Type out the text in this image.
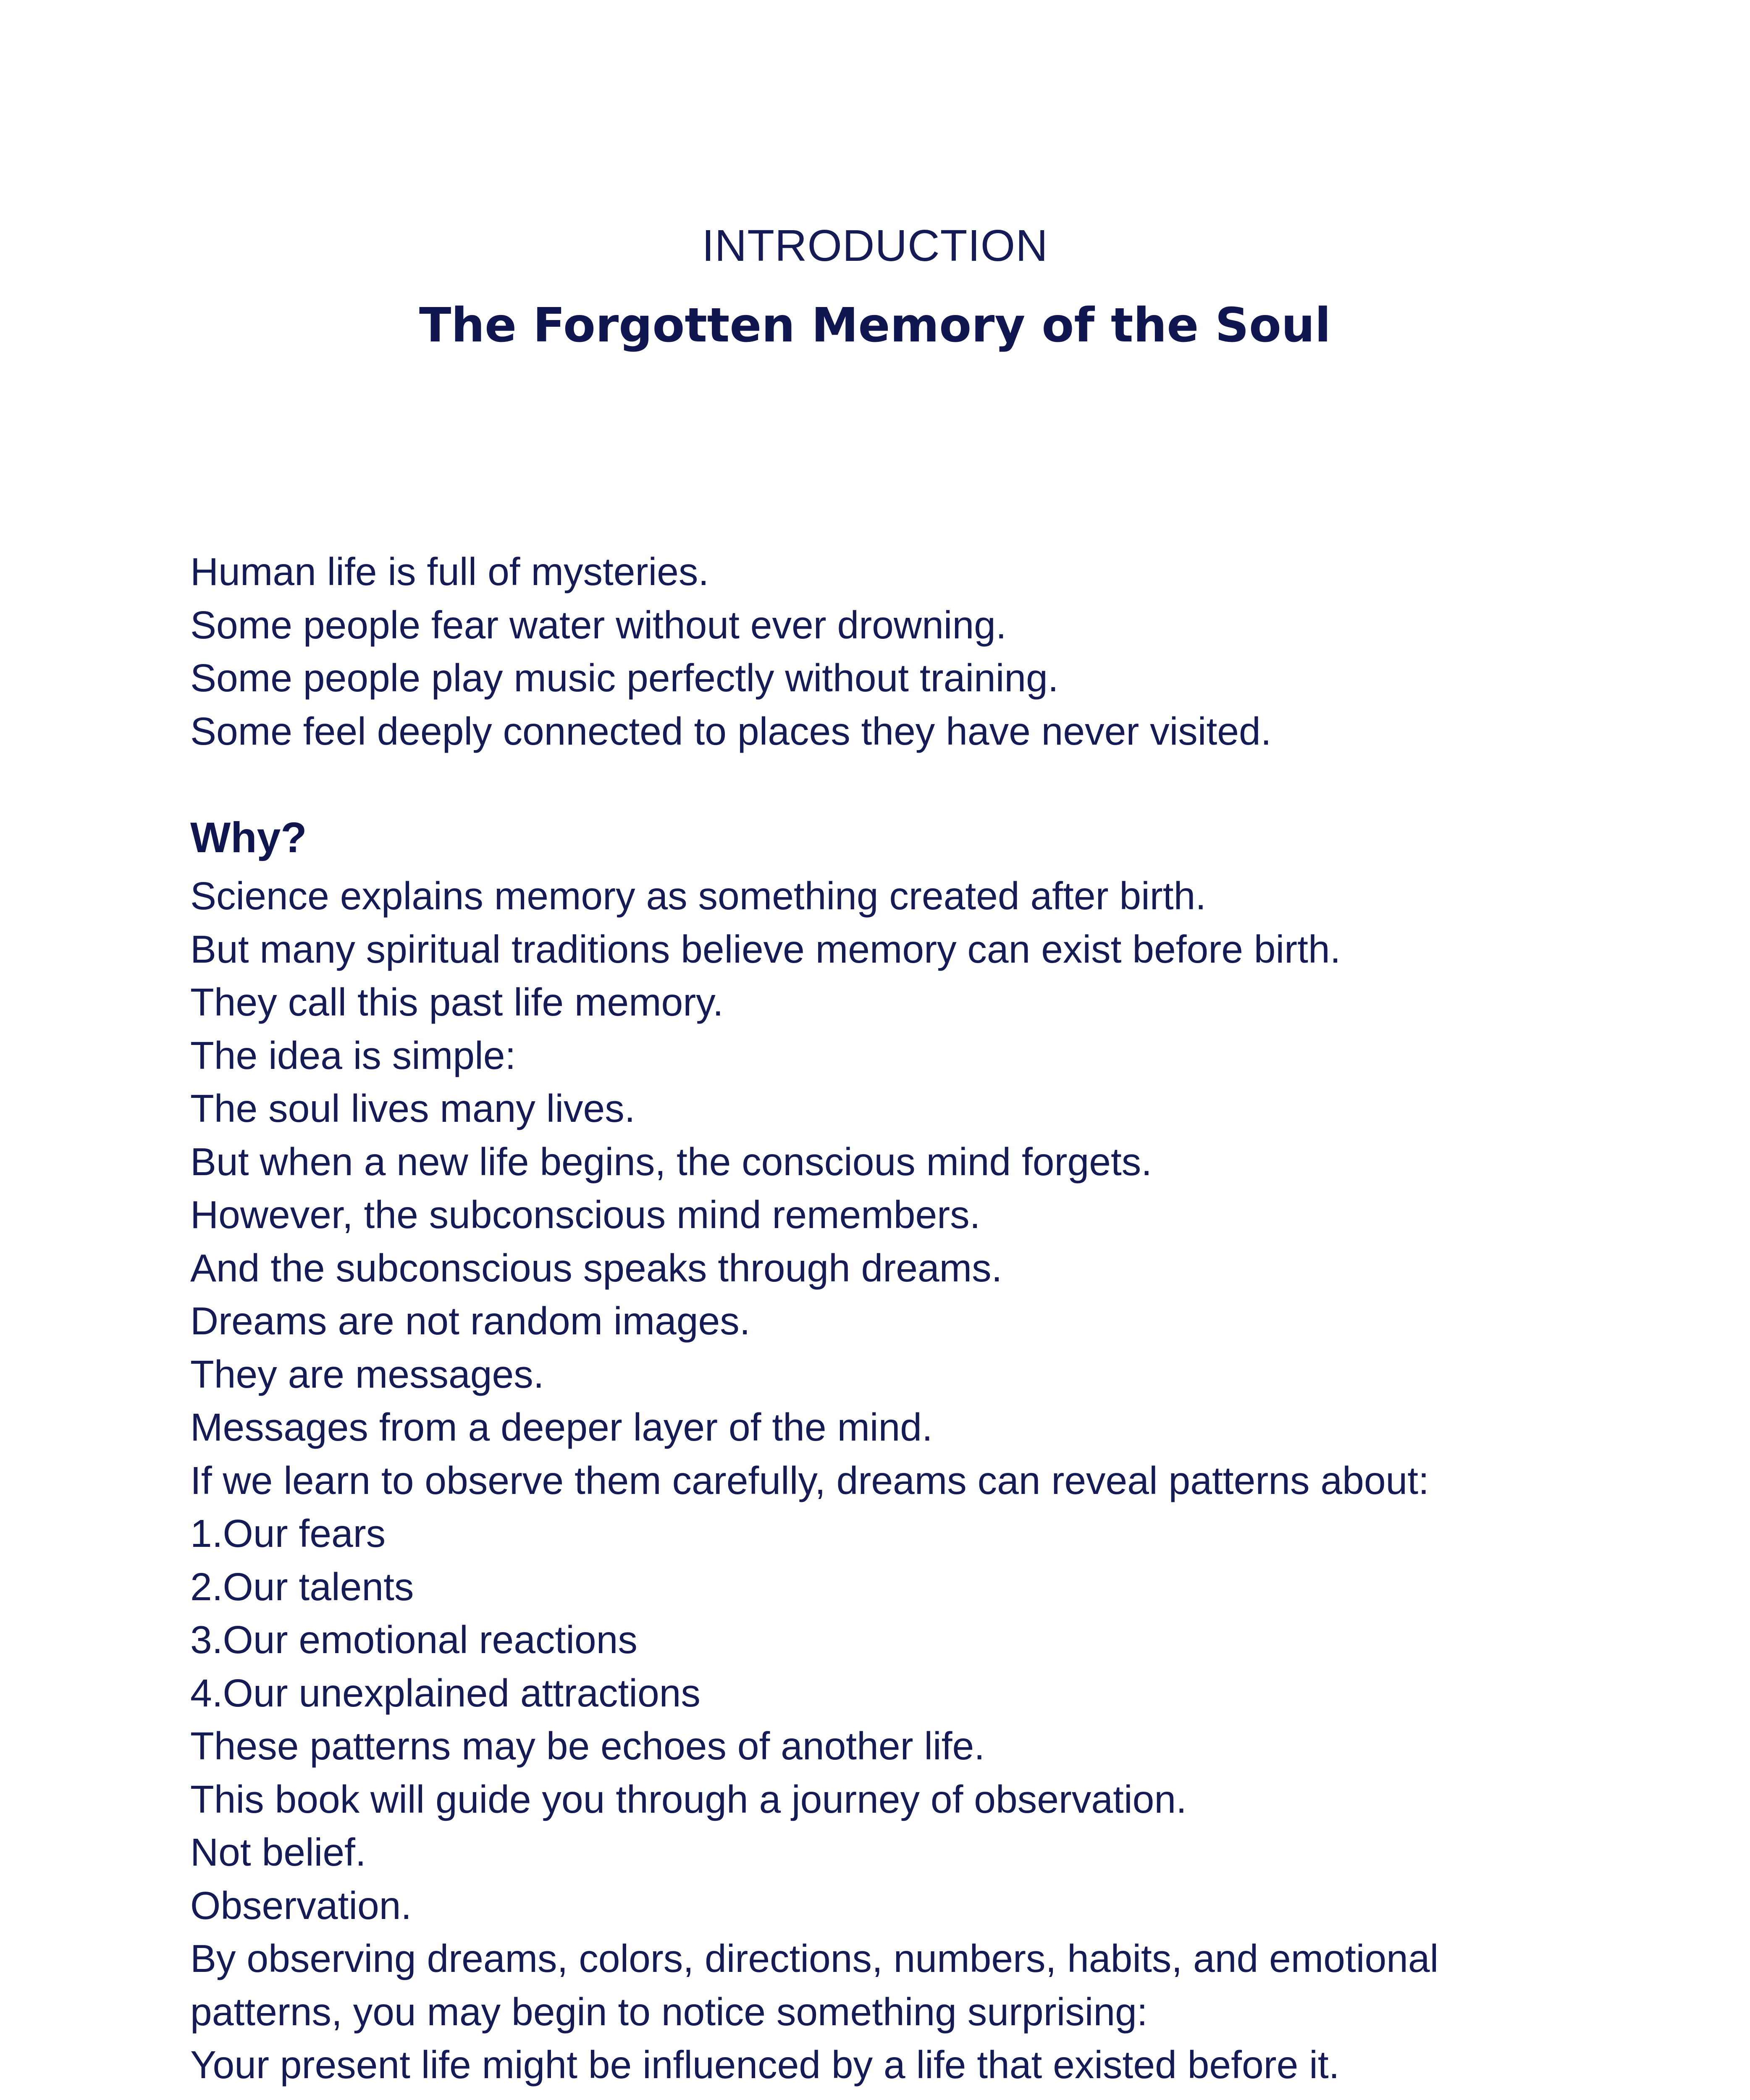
INTRODUCTION
The Forgotten Memory of the Soul

Human life is full of mysteries.

Some people fear water without ever drowning.

Some people play music perfectly without training.

Some feel deeply connected to places they have never visited.

Why?

Science explains memory as something created after birth.

But many spiritual traditions believe memory can exist before birth.

They call this past life memory.

The idea is simple:

The soul lives many lives.

But when a new life begins, the conscious mind forgets.

However, the subconscious mind remembers.

And the subconscious speaks through dreams.

Dreams are not random images.

They are messages.

Messages from a deeper layer of the mind.

If we learn to observe them carefully, dreams can reveal patterns about:

1.Our fears

2.Our talents

3.Our emotional reactions

4.Our unexplained attractions

These patterns may be echoes of another life.

This book will guide you through a journey of observation.

Not belief.

Observation.

By observing dreams, colors, directions, numbers, habits, and emotional

patterns, you may begin to notice something surprising:

Your present life might be influenced by a life that existed before it.
